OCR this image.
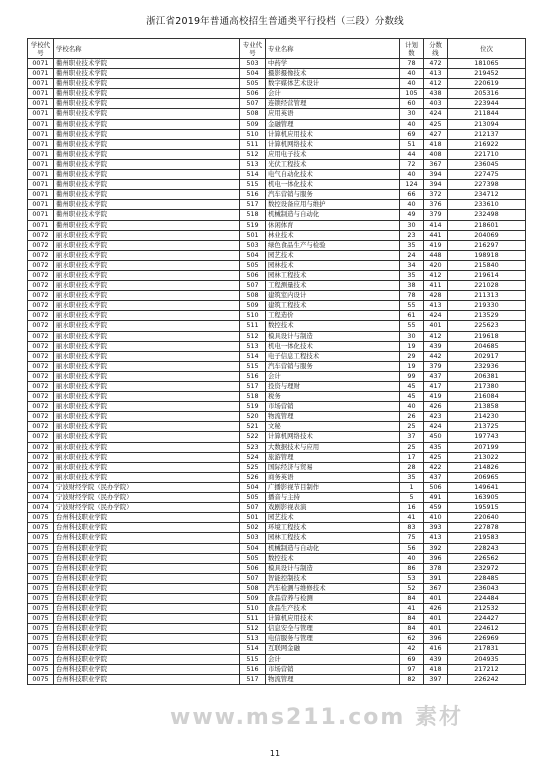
浙江省2019年普通高校招生普通类平行投档（三段）分数线
学校代号	学校名称	专业代号	专业名称	计划数	分数线	位次
0071	衢州职业技术学院	503	中药学	78	472	181065
0071	衢州职业技术学院	504	摄影摄像技术	40	413	219452
0071	衢州职业技术学院	505	数字媒体艺术设计	40	412	220619
0071	衢州职业技术学院	506	会计	105	438	205316
0071	衢州职业技术学院	507	连锁经营管理	60	403	223944
0071	衢州职业技术学院	508	应用英语	30	424	211844
0071	衢州职业技术学院	509	金融管理	40	425	213094
0071	衢州职业技术学院	510	计算机应用技术	69	427	212137
0071	衢州职业技术学院	511	计算机网络技术	51	418	216922
0071	衢州职业技术学院	512	应用电子技术	44	408	221710
0071	衢州职业技术学院	513	光伏工程技术	72	367	236045
0071	衢州职业技术学院	514	电气自动化技术	40	394	227475
0071	衢州职业技术学院	515	机电一体化技术	124	394	227398
0071	衢州职业技术学院	516	汽车营销与服务	66	372	234712
0071	衢州职业技术学院	517	数控设备应用与维护	40	376	233610
0071	衢州职业技术学院	518	机械制造与自动化	49	379	232498
0071	衢州职业技术学院	519	休闲体育	30	414	218601
0072	丽水职业技术学院	501	林业技术	23	441	204069
0072	丽水职业技术学院	503	绿色食品生产与检验	35	419	216297
0072	丽水职业技术学院	504	园艺技术	24	448	198918
0072	丽水职业技术学院	505	园林技术	34	420	215840
0072	丽水职业技术学院	506	园林工程技术	35	412	219614
0072	丽水职业技术学院	507	工程测量技术	38	411	221028
0072	丽水职业技术学院	508	建筑室内设计	78	428	211313
0072	丽水职业技术学院	509	建筑工程技术	55	413	219330
0072	丽水职业技术学院	510	工程造价	61	424	213529
0072	丽水职业技术学院	511	数控技术	55	401	225623
0072	丽水职业技术学院	512	模具设计与制造	30	412	219618
0072	丽水职业技术学院	513	机电一体化技术	19	439	204685
0072	丽水职业技术学院	514	电子信息工程技术	29	442	202917
0072	丽水职业技术学院	515	汽车营销与服务	19	379	232936
0072	丽水职业技术学院	516	会计	99	437	206381
0072	丽水职业技术学院	517	投资与理财	45	417	217380
0072	丽水职业技术学院	518	税务	45	419	216084
0072	丽水职业技术学院	519	市场营销	40	426	213858
0072	丽水职业技术学院	520	物流管理	26	423	214230
0072	丽水职业技术学院	521	文秘	25	424	213725
0072	丽水职业技术学院	522	计算机网络技术	37	450	197743
0072	丽水职业技术学院	523	大数据技术与应用	25	435	207199
0072	丽水职业技术学院	524	旅游管理	17	425	213022
0072	丽水职业技术学院	525	国际经济与贸易	28	422	214826
0072	丽水职业技术学院	526	商务英语	35	437	206965
0074	宁波财经学院（民办学院）	504	广播影视节目制作	1	506	149641
0074	宁波财经学院（民办学院）	505	播音与主持	5	491	163905
0074	宁波财经学院（民办学院）	507	戏剧影视表演	16	459	195915
0075	台州科技职业学院	501	园艺技术	41	410	220640
0075	台州科技职业学院	502	环境工程技术	83	393	227878
0075	台州科技职业学院	503	园林工程技术	75	413	219583
0075	台州科技职业学院	504	机械制造与自动化	56	392	228243
0075	台州科技职业学院	505	数控技术	40	396	226562
0075	台州科技职业学院	506	模具设计与制造	86	378	232972
0075	台州科技职业学院	507	智能控制技术	53	391	228485
0075	台州科技职业学院	508	汽车检测与维修技术	52	367	236043
0075	台州科技职业学院	509	食品营养与检测	84	401	224484
0075	台州科技职业学院	510	食品生产技术	41	426	212532
0075	台州科技职业学院	511	计算机应用技术	84	401	224427
0075	台州科技职业学院	512	信息安全与管理	84	401	224612
0075	台州科技职业学院	513	电信服务与管理	62	396	226969
0075	台州科技职业学院	514	互联网金融	42	416	217831
0075	台州科技职业学院	515	会计	69	439	204935
0075	台州科技职业学院	516	市场营销	97	418	217212
0075	台州科技职业学院	517	物流管理	82	397	226242
www.ms211.com 素材
11
